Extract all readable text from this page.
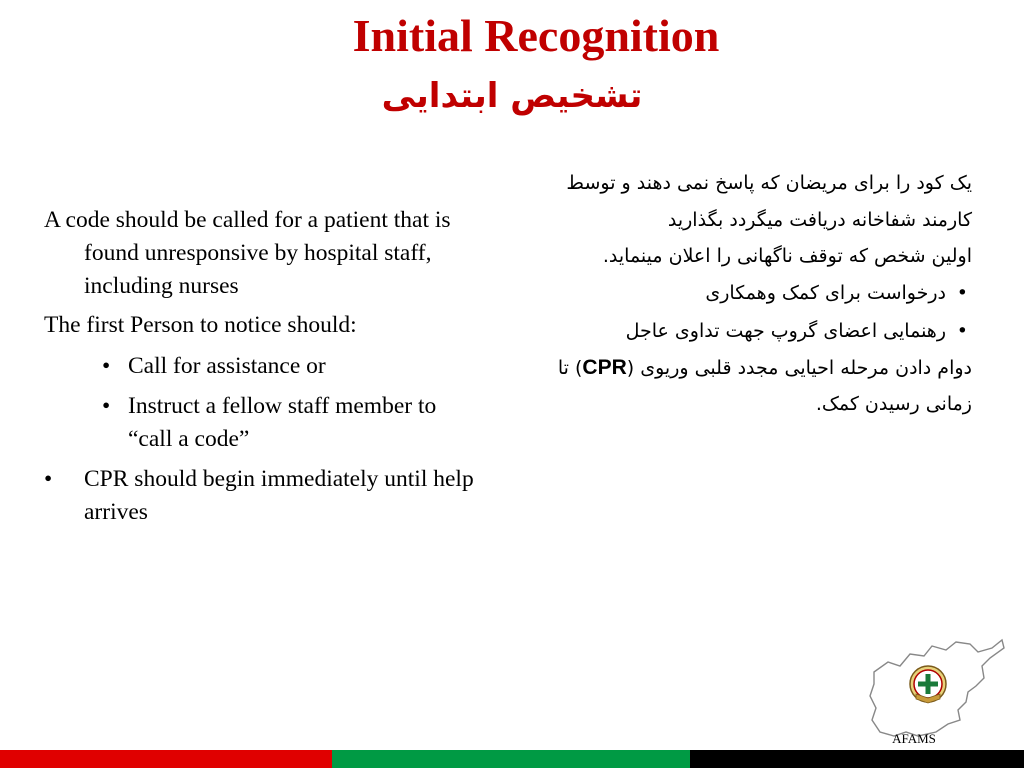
Initial Recognition
تشخیص ابتدایی

A code should be called for a patient that is found unresponsive by hospital staff, including nurses

The first Person to notice should:

• Call for assistance or
• Instruct a fellow staff member to “call a code”
• CPR should begin immediately until help arrives

یک کود را برای مریضان که پاسخ نمی دهند و توسط کارمند شفاخانه دریافت میگردد بگذارید

اولین شخص که توقف ناگهانی را اعلان مینماید.

•
درخواست برای کمک وهمکاری

•
رهنمایی اعضای گروپ جهت تداوی عاجل

دوام دادن مرحله احیایی مجدد قلبی وریوی (CPR) تا زمانی رسیدن کمک.

AFAMS
